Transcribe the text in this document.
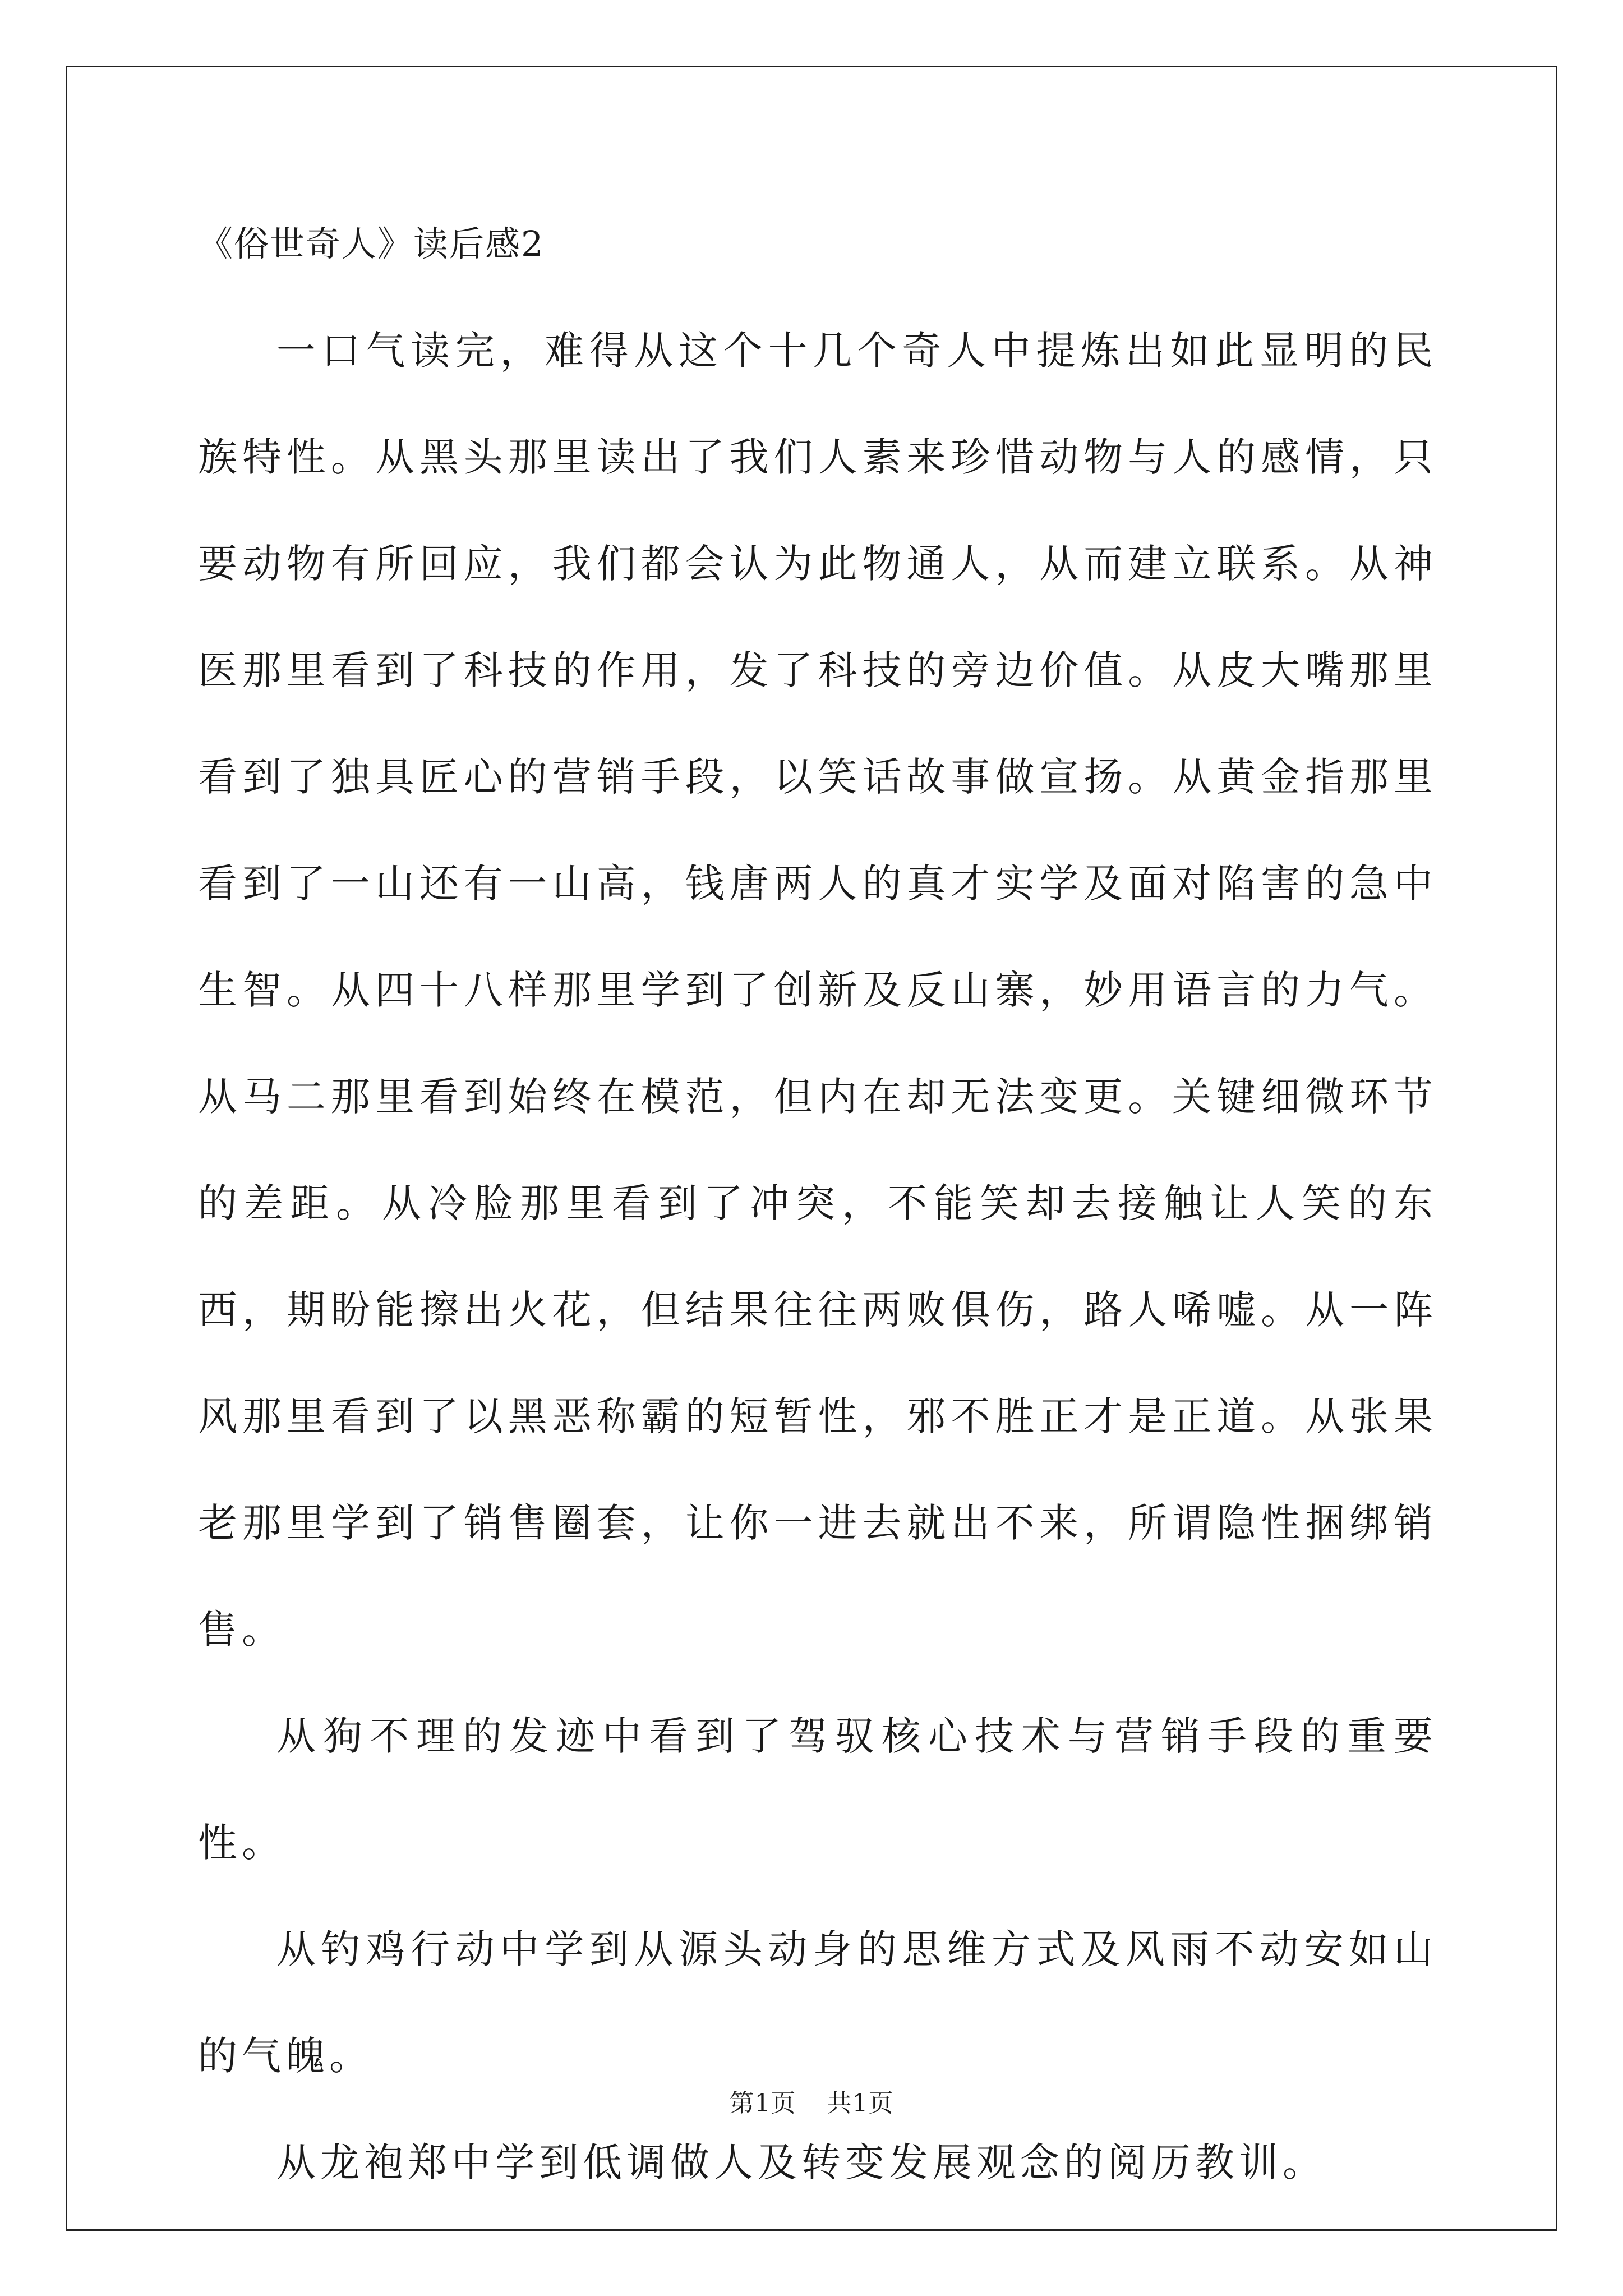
《俗世奇人》读后感2

一口气读完，难得从这个十几个奇人中提炼出如此显明的民族特性。从黑头那里读出了我们人素来珍惜动物与人的感情，只要动物有所回应，我们都会认为此物通人，从而建立联系。从神医那里看到了科技的作用，发了科技的旁边价值。从皮大嘴那里看到了独具匠心的营销手段，以笑话故事做宣扬。从黄金指那里看到了一山还有一山高，钱唐两人的真才实学及面对陷害的急中生智。从四十八样那里学到了创新及反山寨，妙用语言的力气。从马二那里看到始终在模范，但内在却无法变更。关键细微环节的差距。从冷脸那里看到了冲突，不能笑却去接触让人笑的东西，期盼能擦出火花，但结果往往两败俱伤，路人唏嘘。从一阵风那里看到了以黑恶称霸的短暂性，邪不胜正才是正道。从张果老那里学到了销售圈套，让你一进去就出不来，所谓隐性捆绑销售。

从狗不理的发迹中看到了驾驭核心技术与营销手段的重要性。

从钓鸡行动中学到从源头动身的思维方式及风雨不动安如山的气魄。

从龙袍郑中学到低调做人及转变发展观念的阅历教训。

第1页 共1页
